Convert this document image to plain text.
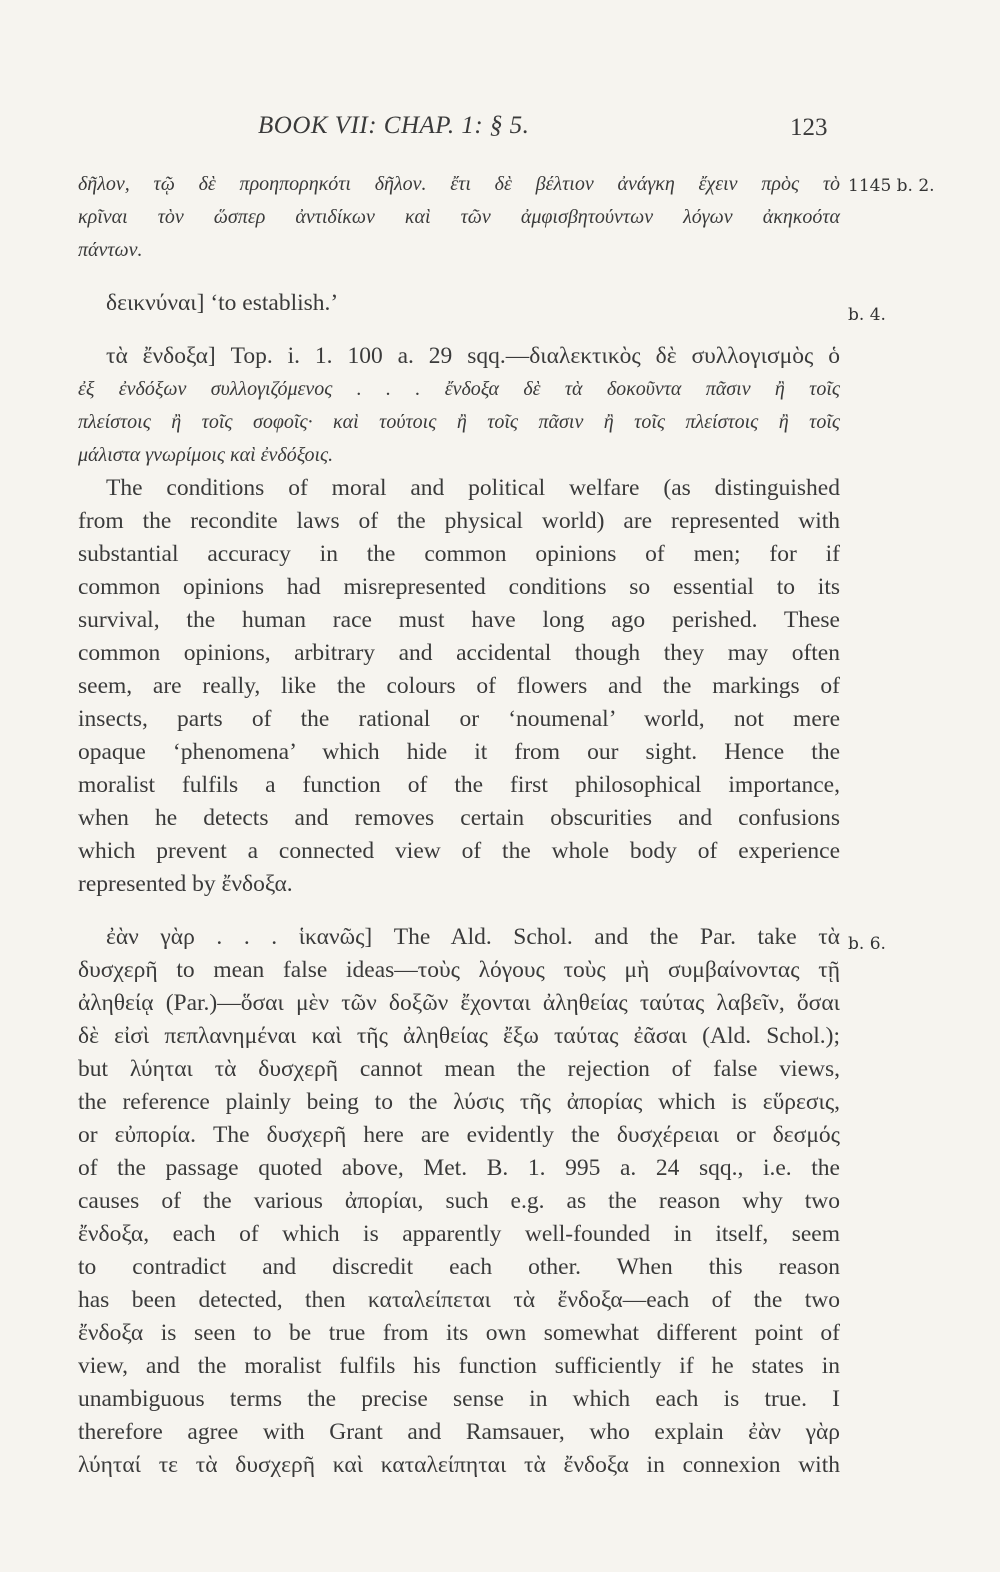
BOOK VII: CHAP. 1: § 5.	123
1145 b. 2.
b. 4.
b. 6.
δῆλον, τῷ δὲ προηπορηκότι δῆλον. ἔτι δὲ βέλτιον ἀνάγκη ἔχειν πρὸς τὸ
κρῖναι τὸν ὥσπερ ἀντιδίκων καὶ τῶν ἀμφισβητούντων λόγων ἀκηκοότα
πάντων.
δεικνύναι] ‘to establish.’
τὰ ἔνδοξα] Top. i. 1. 100 a. 29 sqq.—διαλεκτικὸς δὲ συλλογισμὸς ὁ
ἐξ ἐνδόξων συλλογιζόμενος . . . ἔνδοξα δὲ τὰ δοκοῦντα πᾶσιν ἢ τοῖς
πλείστοις ἢ τοῖς σοφοῖς· καὶ τούτοις ἢ τοῖς πᾶσιν ἢ τοῖς πλείστοις ἢ τοῖς
μάλιστα γνωρίμοις καὶ ἐνδόξοις.
The conditions of moral and political welfare (as distinguished
from the recondite laws of the physical world) are represented with
substantial accuracy in the common opinions of men; for if
common opinions had misrepresented conditions so essential to its
survival, the human race must have long ago perished. These
common opinions, arbitrary and accidental though they may often
seem, are really, like the colours of flowers and the markings of
insects, parts of the rational or ‘noumenal’ world, not mere
opaque ‘phenomena’ which hide it from our sight. Hence the
moralist fulfils a function of the first philosophical importance,
when he detects and removes certain obscurities and confusions
which prevent a connected view of the whole body of experience
represented by ἔνδοξα.
ἐὰν γὰρ . . . ἱκανῶς] The Ald. Schol. and the Par. take τὰ
δυσχερῆ to mean false ideas—τοὺς λόγους τοὺς μὴ συμβαίνοντας τῇ
ἀληθείᾳ (Par.)—ὅσαι μὲν τῶν δοξῶν ἔχονται ἀληθείας ταύτας λαβεῖν, ὅσαι
δὲ εἰσὶ πεπλανημέναι καὶ τῆς ἀληθείας ἔξω ταύτας ἐᾶσαι (Ald. Schol.);
but λύηται τὰ δυσχερῆ cannot mean the rejection of false views,
the reference plainly being to the λύσις τῆς ἀπορίας which is εὕρεσις,
or εὐπορία. The δυσχερῆ here are evidently the δυσχέρειαι or δεσμός
of the passage quoted above, Met. B. 1. 995 a. 24 sqq., i.e. the
causes of the various ἀπορίαι, such e.g. as the reason why two
ἔνδοξα, each of which is apparently well-founded in itself, seem
to contradict and discredit each other. When this reason
has been detected, then καταλείπεται τὰ ἔνδοξα—each of the two
ἔνδοξα is seen to be true from its own somewhat different point of
view, and the moralist fulfils his function sufficiently if he states in
unambiguous terms the precise sense in which each is true. I
therefore agree with Grant and Ramsauer, who explain ἐὰν γὰρ
λύηταί τε τὰ δυσχερῆ καὶ καταλείπηται τὰ ἔνδοξα in connexion with
